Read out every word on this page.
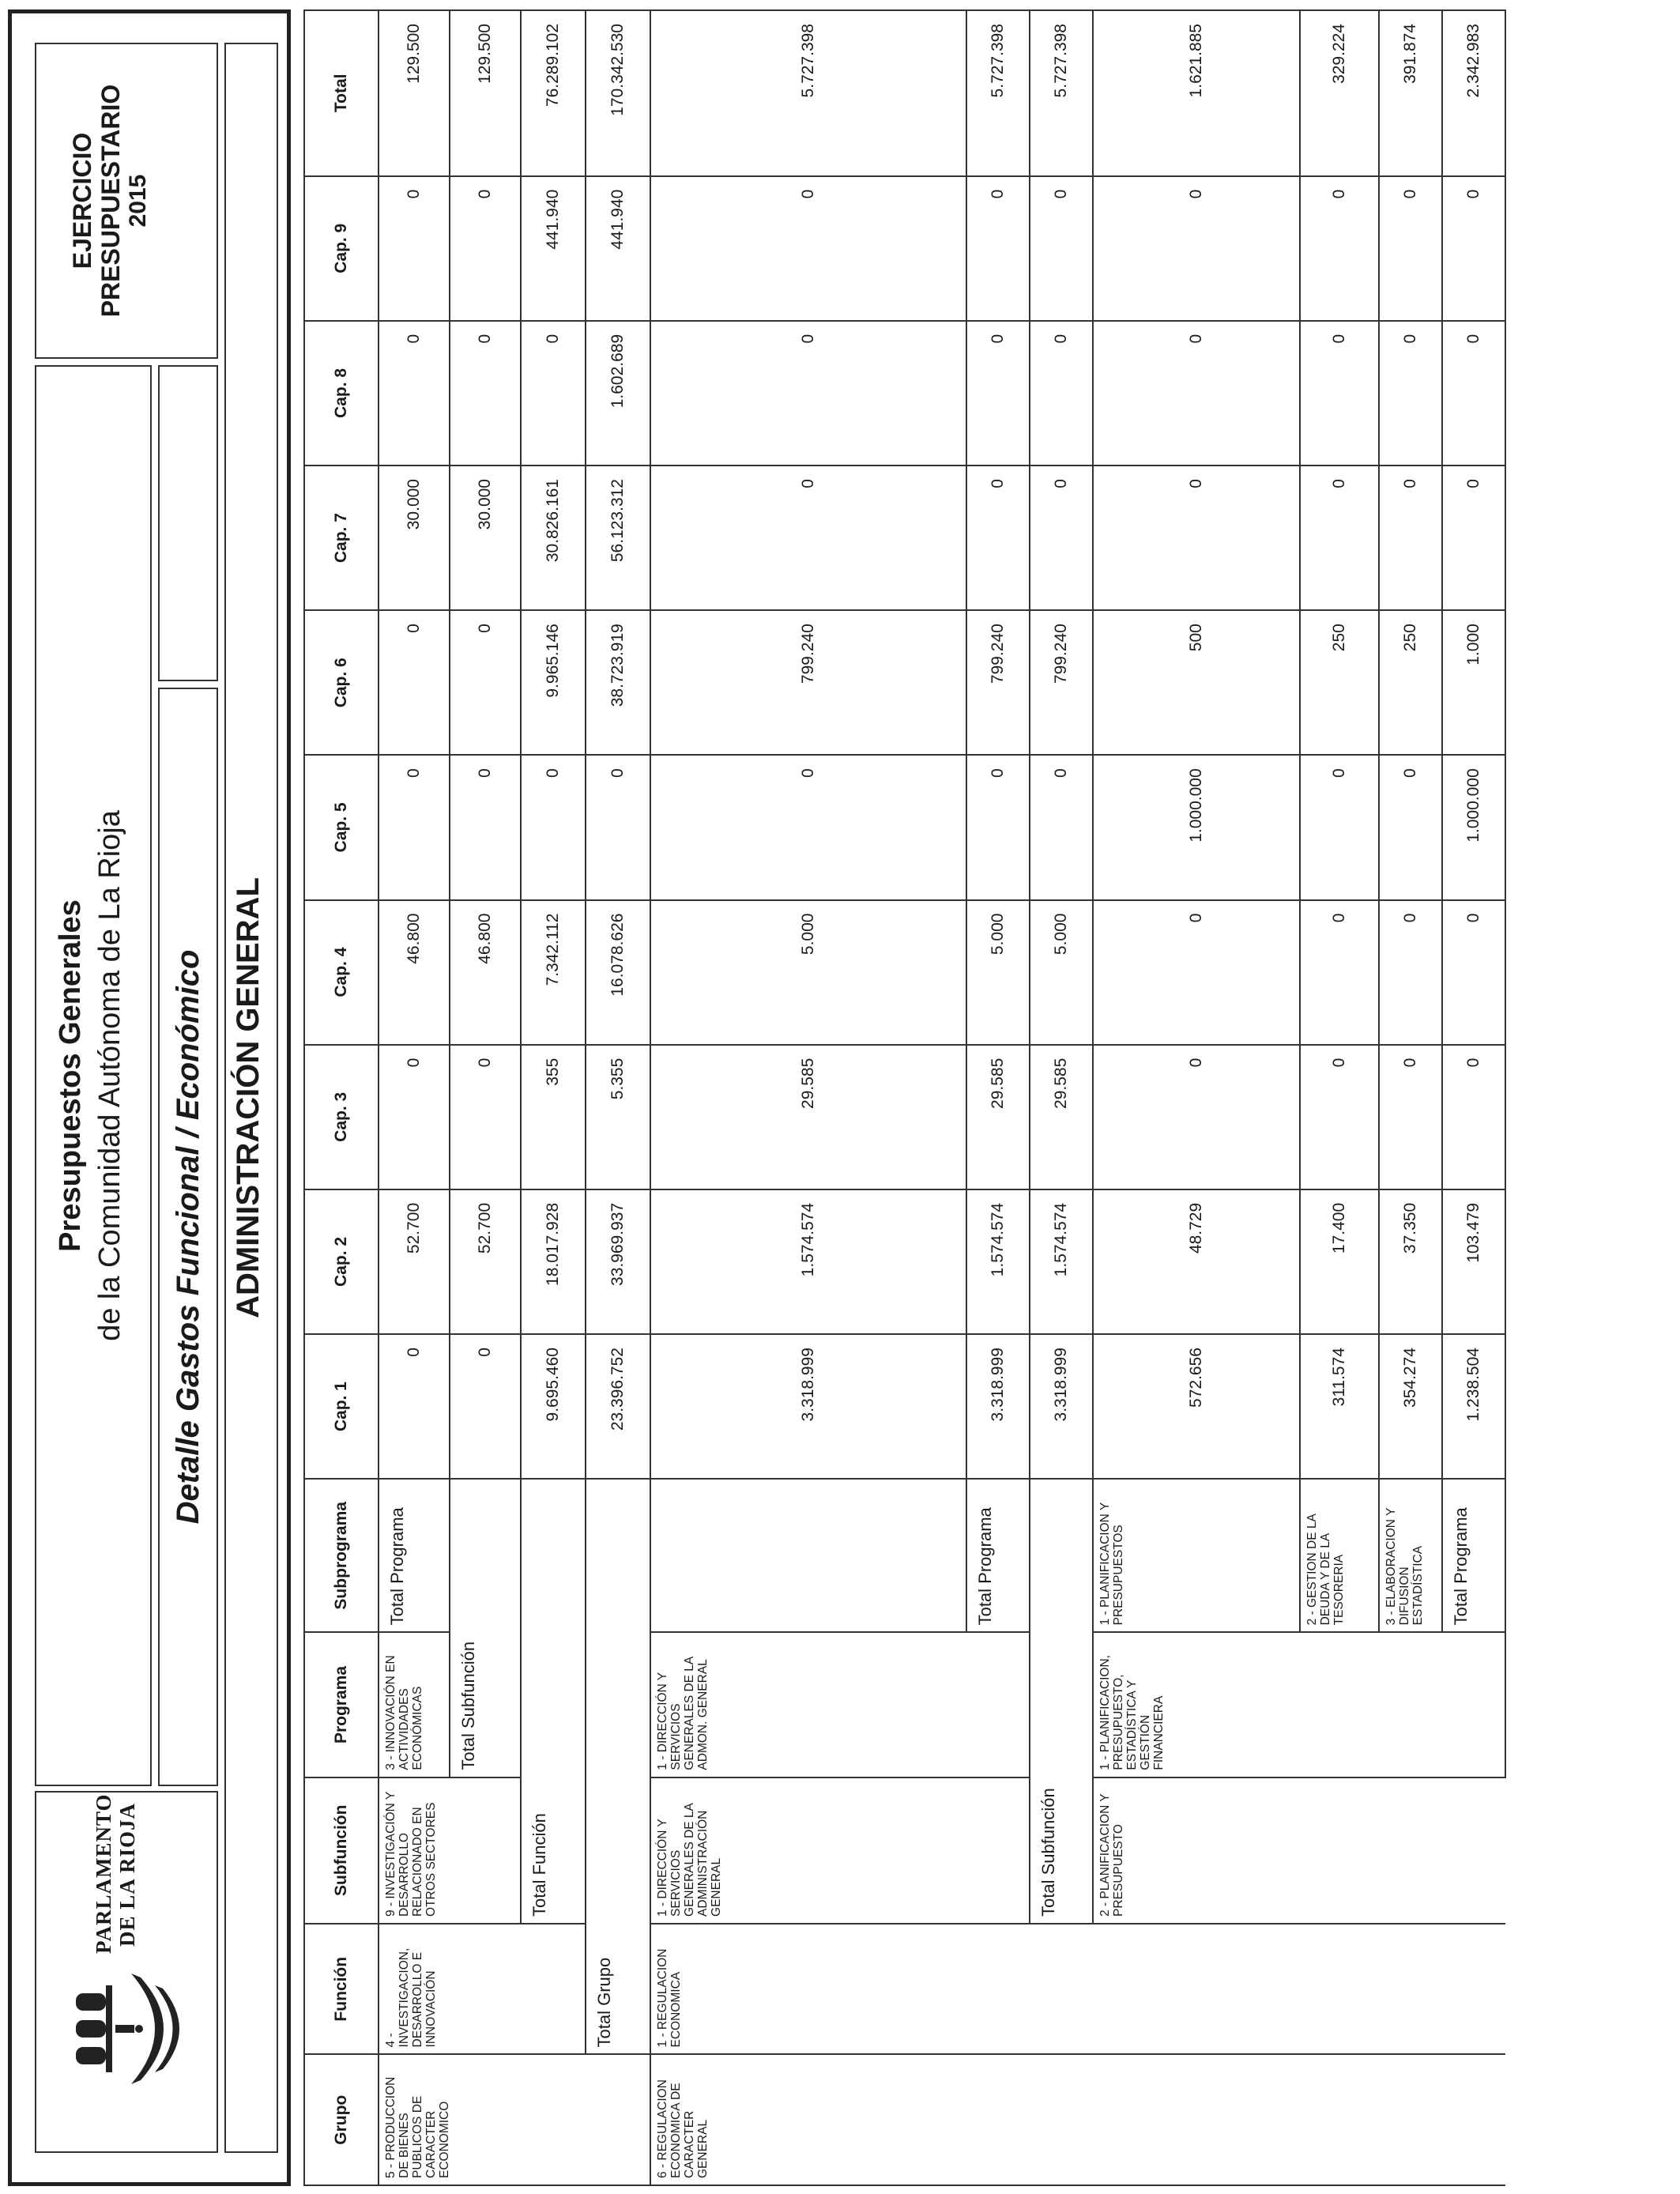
PARLAMENTO DE LA RIOJA
Presupuestos Generales de la Comunidad Autónoma de La Rioja Detalle Gastos Funcional / Económico
EJERCICIO PRESUPUESTARIO 2015
ADMINISTRACIÓN GENERAL
Grupo	Función	Subfunción	Programa	Subprograma	Cap. 1	Cap. 2	Cap. 3	Cap. 4	Cap. 5	Cap. 6	Cap. 7	Cap. 8	Cap. 9	Total
5 - PRODUCCION DE BIENES PUBLICOS DE CARACTER ECONOMICO	4 - INVESTIGACION, DESARROLLO E INNOVACIÓN	9 - INVESTIGACIÓN Y DESARROLLO RELACIONADO EN OTROS SECTORES	3 - INNOVACIÓN EN ACTIVIDADES ECONÓMICAS	Total Programa	0	52.700	0	46.800	0	0	30.000	0	0	129.500
			Total Subfunción		0	52.700	0	46.800	0	0	30.000	0	0	129.500
		Total Función			9.695.460	18.017.928	355	7.342.112	0	9.965.146	30.826.161	0	441.940	76.289.102
	Total Grupo				23.396.752	33.969.937	5.355	16.078.626	0	38.723.919	56.123.312	1.602.689	441.940	170.342.530
6 - REGULACION ECONOMICA DE CARACTER GENERAL	1 - REGULACION ECONOMICA	1 - DIRECCIÓN Y SERVICIOS GENERALES DE LA ADMINISTRACIÓN GENERAL	1 - DIRECCIÓN Y SERVICIOS GENERALES DE LA ADMON. GENERAL		3.318.999	1.574.574	29.585	5.000	0	799.240	0	0	0	5.727.398
				Total Programa	3.318.999	1.574.574	29.585	5.000	0	799.240	0	0	0	5.727.398
		Total Subfunción			3.318.999	1.574.574	29.585	5.000	0	799.240	0	0	0	5.727.398
		2 - PLANIFICACION Y PRESUPUESTO	1 - PLANIFICACION, PRESUPUESTO, ESTADÍSTICA Y GESTIÓN FINANCIERA	1 - PLANIFICACION Y PRESUPUESTOS	572.656	48.729	0	0	1.000.000	500	0	0	0	1.621.885
				2 - GESTION DE LA DEUDA Y DE LA TESORERIA	311.574	17.400	0	0	0	250	0	0	0	329.224
				3 - ELABORACION Y DIFUSION ESTADÍSTICA	354.274	37.350	0	0	0	250	0	0	0	391.874
				Total Programa	1.238.504	103.479	0	0	1.000.000	1.000	0	0	0	2.342.983
